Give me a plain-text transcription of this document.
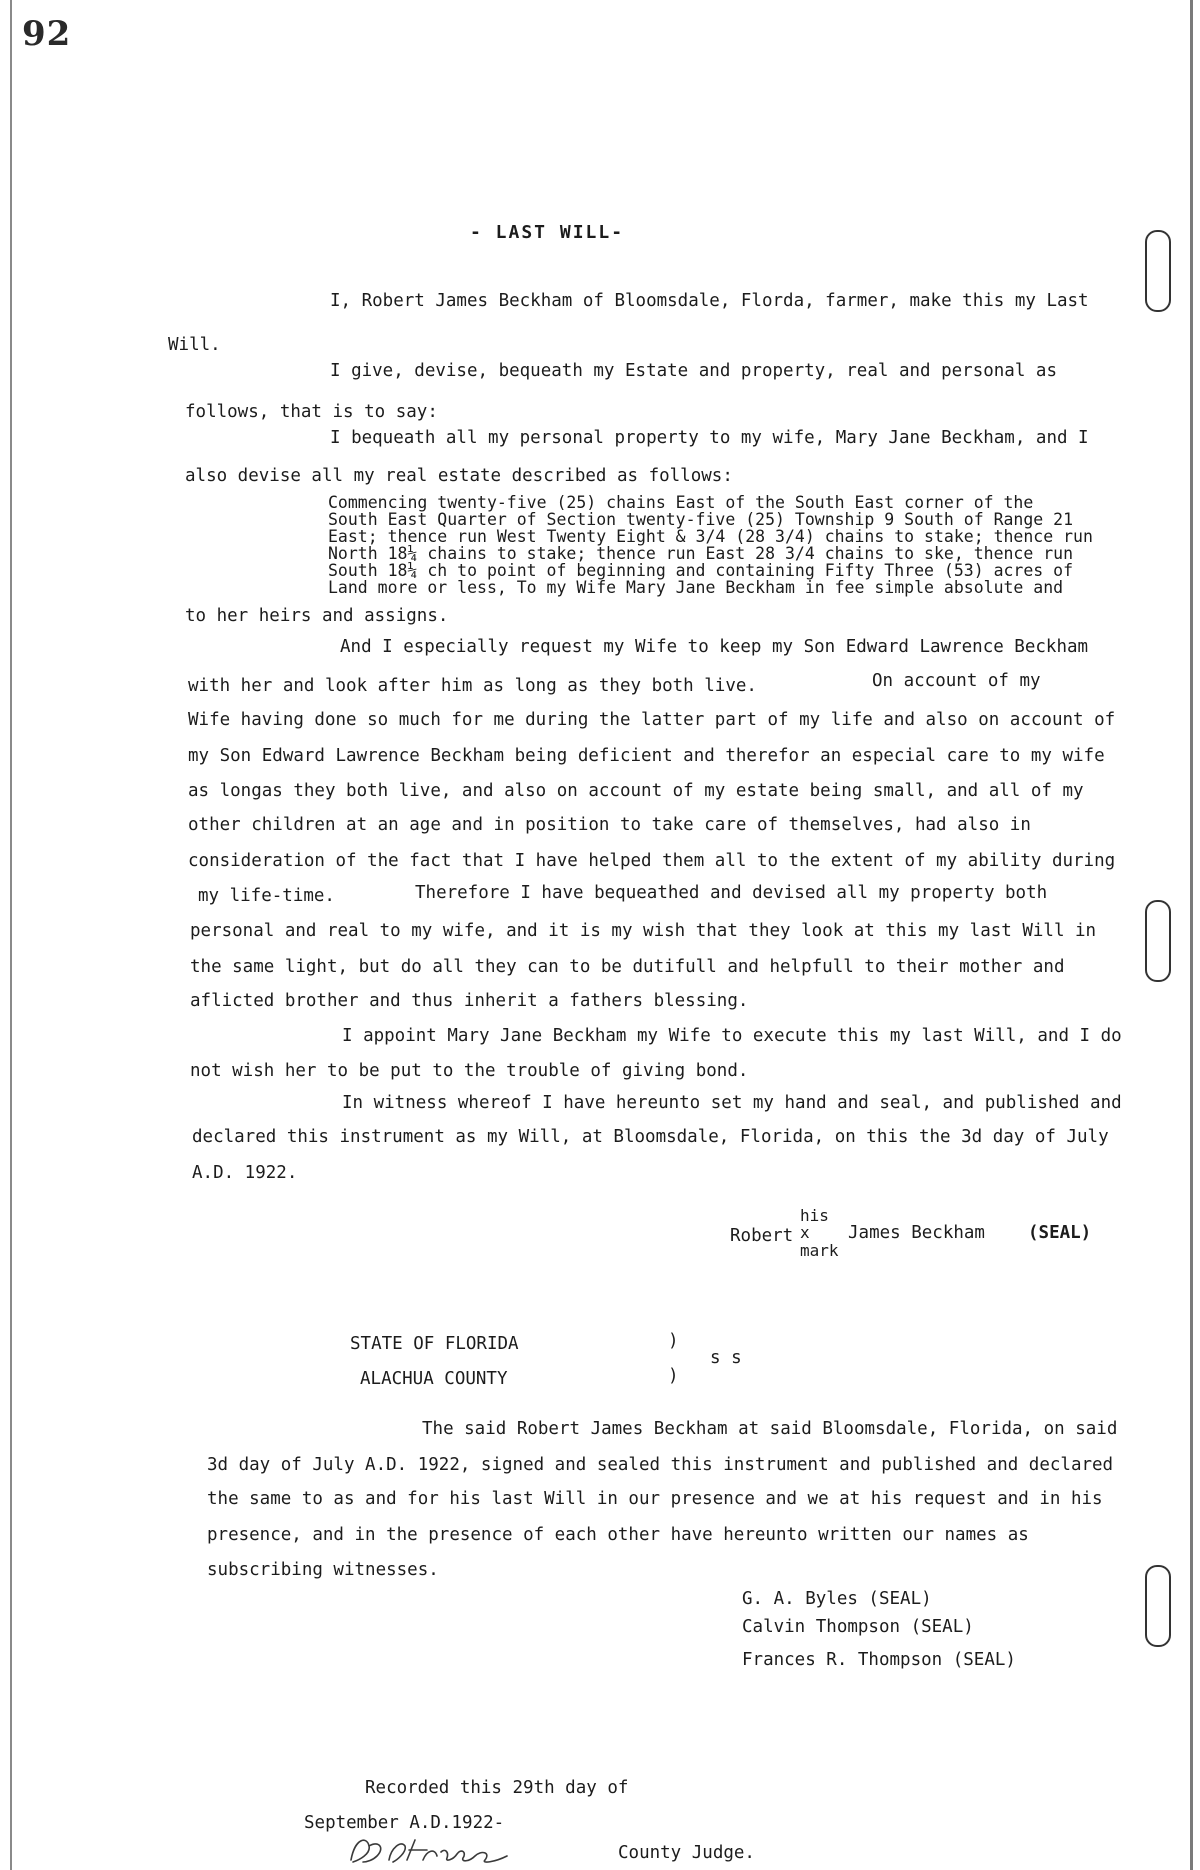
92
- LAST WILL-
I, Robert James Beckham of Bloomsdale, Florda, farmer, make this my Last
Will.
I give, devise, bequeath my Estate and property, real and personal as
follows, that is to say:
I bequeath all my personal property to my wife, Mary Jane Beckham, and I
also devise all my real estate described as follows:
Commencing twenty-five (25) chains East of the South East corner of the
South East Quarter of Section twenty-five (25) Township 9 South of Range 21
East; thence run West Twenty Eight & 3/4 (28 3/4) chains to stake; thence run
North 18¼ chains to stake; thence run East 28 3/4 chains to ske, thence run
South 18¼ ch to point of beginning and containing Fifty Three (53) acres of
Land more or less, To my Wife Mary Jane Beckham in fee simple absolute and
to her heirs and assigns.
And I especially request my Wife to keep my Son Edward Lawrence Beckham
with her and look after him as long as they both live.	On account of my
Wife having done so much for me during the latter part of my life and also on account of
my Son Edward Lawrence Beckham being deficient and therefor an especial care to my wife
as longas they both live, and also on account of my estate being small, and all of my
other children at an age and in position to take care of themselves, had also in
consideration of the fact that I have helped them all to the extent of my ability during
my life-time.	Therefore I have bequeathed and devised all my property both
personal and real to my wife, and it is my wish that they look at this my last Will in
the same light, but do all they can to be dutifull and helpfull to their mother and
aflicted brother and thus inherit a fathers blessing.
I appoint Mary Jane Beckham my Wife to execute this my last Will, and I do
not wish her to be put to the trouble of giving bond.
In witness whereof I have hereunto set my hand and seal, and published and
declared this instrument as my Will, at Bloomsdale, Florida, on this the 3d day of July
A.D. 1922.
his
Robert x James Beckham
mark
(SEAL)
STATE OF FLORIDA	)
s s
ALACHUA COUNTY	)
The said Robert James Beckham at said Bloomsdale, Florida, on said
3d day of July A.D. 1922, signed and sealed this instrument and published and declared
the same to as and for his last Will in our presence and we at his request and in his
presence, and in the presence of each other have hereunto written our names as
subscribing witnesses.
G. A. Byles (SEAL)
Calvin Thompson (SEAL)
Frances R. Thompson (SEAL)
Recorded this 29th day of
September A.D.1922-
County Judge.
